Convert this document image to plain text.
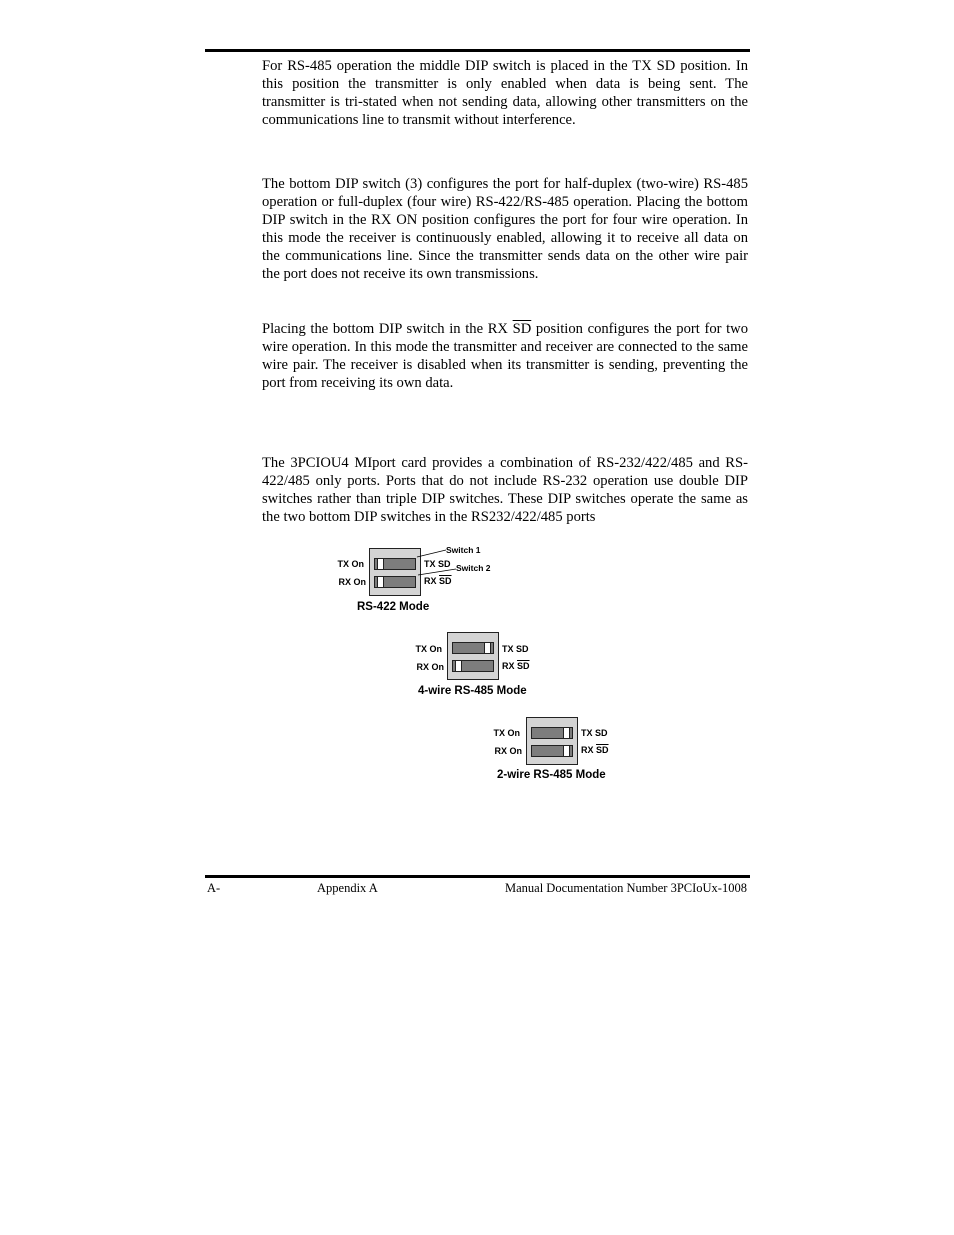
For RS-485 operation the middle DIP switch is placed in the TX SD position. In this position the transmitter is only enabled when data is being sent. The transmitter is tri-stated when not sending data, allowing other transmitters on the communications line to transmit without interference.

The bottom DIP switch (3) configures the port for half-duplex (two-wire) RS-485 operation or full-duplex (four wire) RS-422/RS-485 operation. Placing the bottom DIP switch in the RX ON position configures the port for four wire operation. In this mode the receiver is continuously enabled, allowing it to receive all data on the communications line. Since the transmitter sends data on the other wire pair the port does not receive its own transmissions.

Placing the bottom DIP switch in the RX $\overline{SD}$ position configures the port for two wire operation. In this mode the transmitter and receiver are connected to the same wire pair. The receiver is disabled when its transmitter is sending, preventing the port from receiving its own data.

The 3PCIOU4 MIport card provides a combination of RS-232/422/485 and RS-422/485 only ports. Ports that do not include RS-232 operation use double DIP switches rather than triple DIP switches. These DIP switches operate the same as the two bottom DIP switches in the RS232/422/485 ports

TX On
RX On
TX SD
RX $\overline{SD}$
Switch 1
Switch 2
RS-422 Mode
TX On
RX On
TX SD
RX $\overline{SD}$
4-wire RS-485 Mode
TX On
RX On
TX SD
RX $\overline{SD}$
2-wire RS-485 Mode
A-	Appendix A	Manual Documentation Number 3PCIoUx-1008
